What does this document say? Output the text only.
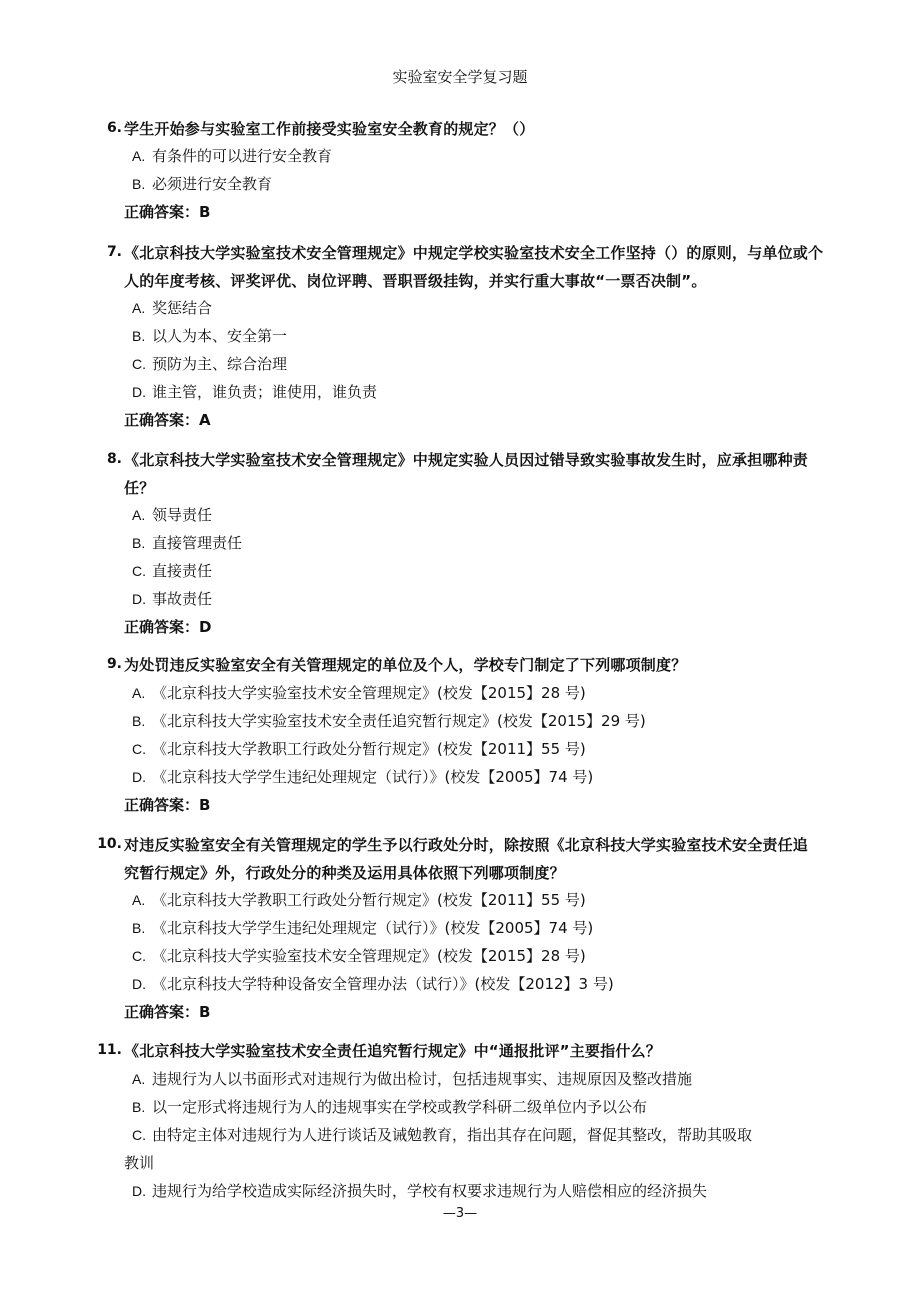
实验室安全学复习题
6. 学生开始参与实验室工作前接受实验室安全教育的规定？（）
A. 有条件的可以进行安全教育
B. 必须进行安全教育
正确答案：B
7. 《北京科技大学实验室技术安全管理规定》中规定学校实验室技术安全工作坚持（）的原则，与单位或个人的年度考核、评奖评优、岗位评聘、晋职晋级挂钩，并实行重大事故“一票否决制”。
A. 奖惩结合
B. 以人为本、安全第一
C. 预防为主、综合治理
D. 谁主管，谁负责；谁使用，谁负责
正确答案：A
8. 《北京科技大学实验室技术安全管理规定》中规定实验人员因过错导致实验事故发生时，应承担哪种责任？
A. 领导责任
B. 直接管理责任
C. 直接责任
D. 事故责任
正确答案：D
9. 为处罚违反实验室安全有关管理规定的单位及个人，学校专门制定了下列哪项制度？
A. 《北京科技大学实验室技术安全管理规定》(校发【2015】28 号)
B. 《北京科技大学实验室技术安全责任追究暂行规定》(校发【2015】29 号)
C. 《北京科技大学教职工行政处分暂行规定》(校发【2011】55 号)
D. 《北京科技大学学生违纪处理规定（试行）》(校发【2005】74 号)
正确答案：B
10. 对违反实验室安全有关管理规定的学生予以行政处分时，除按照《北京科技大学实验室技术安全责任追究暂行规定》外，行政处分的种类及运用具体依照下列哪项制度？
A. 《北京科技大学教职工行政处分暂行规定》(校发【2011】55 号)
B. 《北京科技大学学生违纪处理规定（试行）》(校发【2005】74 号)
C. 《北京科技大学实验室技术安全管理规定》(校发【2015】28 号)
D. 《北京科技大学特种设备安全管理办法（试行）》(校发【2012】3 号)
正确答案：B
11. 《北京科技大学实验室技术安全责任追究暂行规定》中“通报批评”主要指什么？
A. 违规行为人以书面形式对违规行为做出检讨，包括违规事实、违规原因及整改措施
B. 以一定形式将违规行为人的违规事实在学校或教学科研二级单位内予以公布
C. 由特定主体对违规行为人进行谈话及诫勉教育，指出其存在问题，督促其整改，帮助其吸取
教训
D. 违规行为给学校造成实际经济损失时，学校有权要求违规行为人赔偿相应的经济损失
—3—
